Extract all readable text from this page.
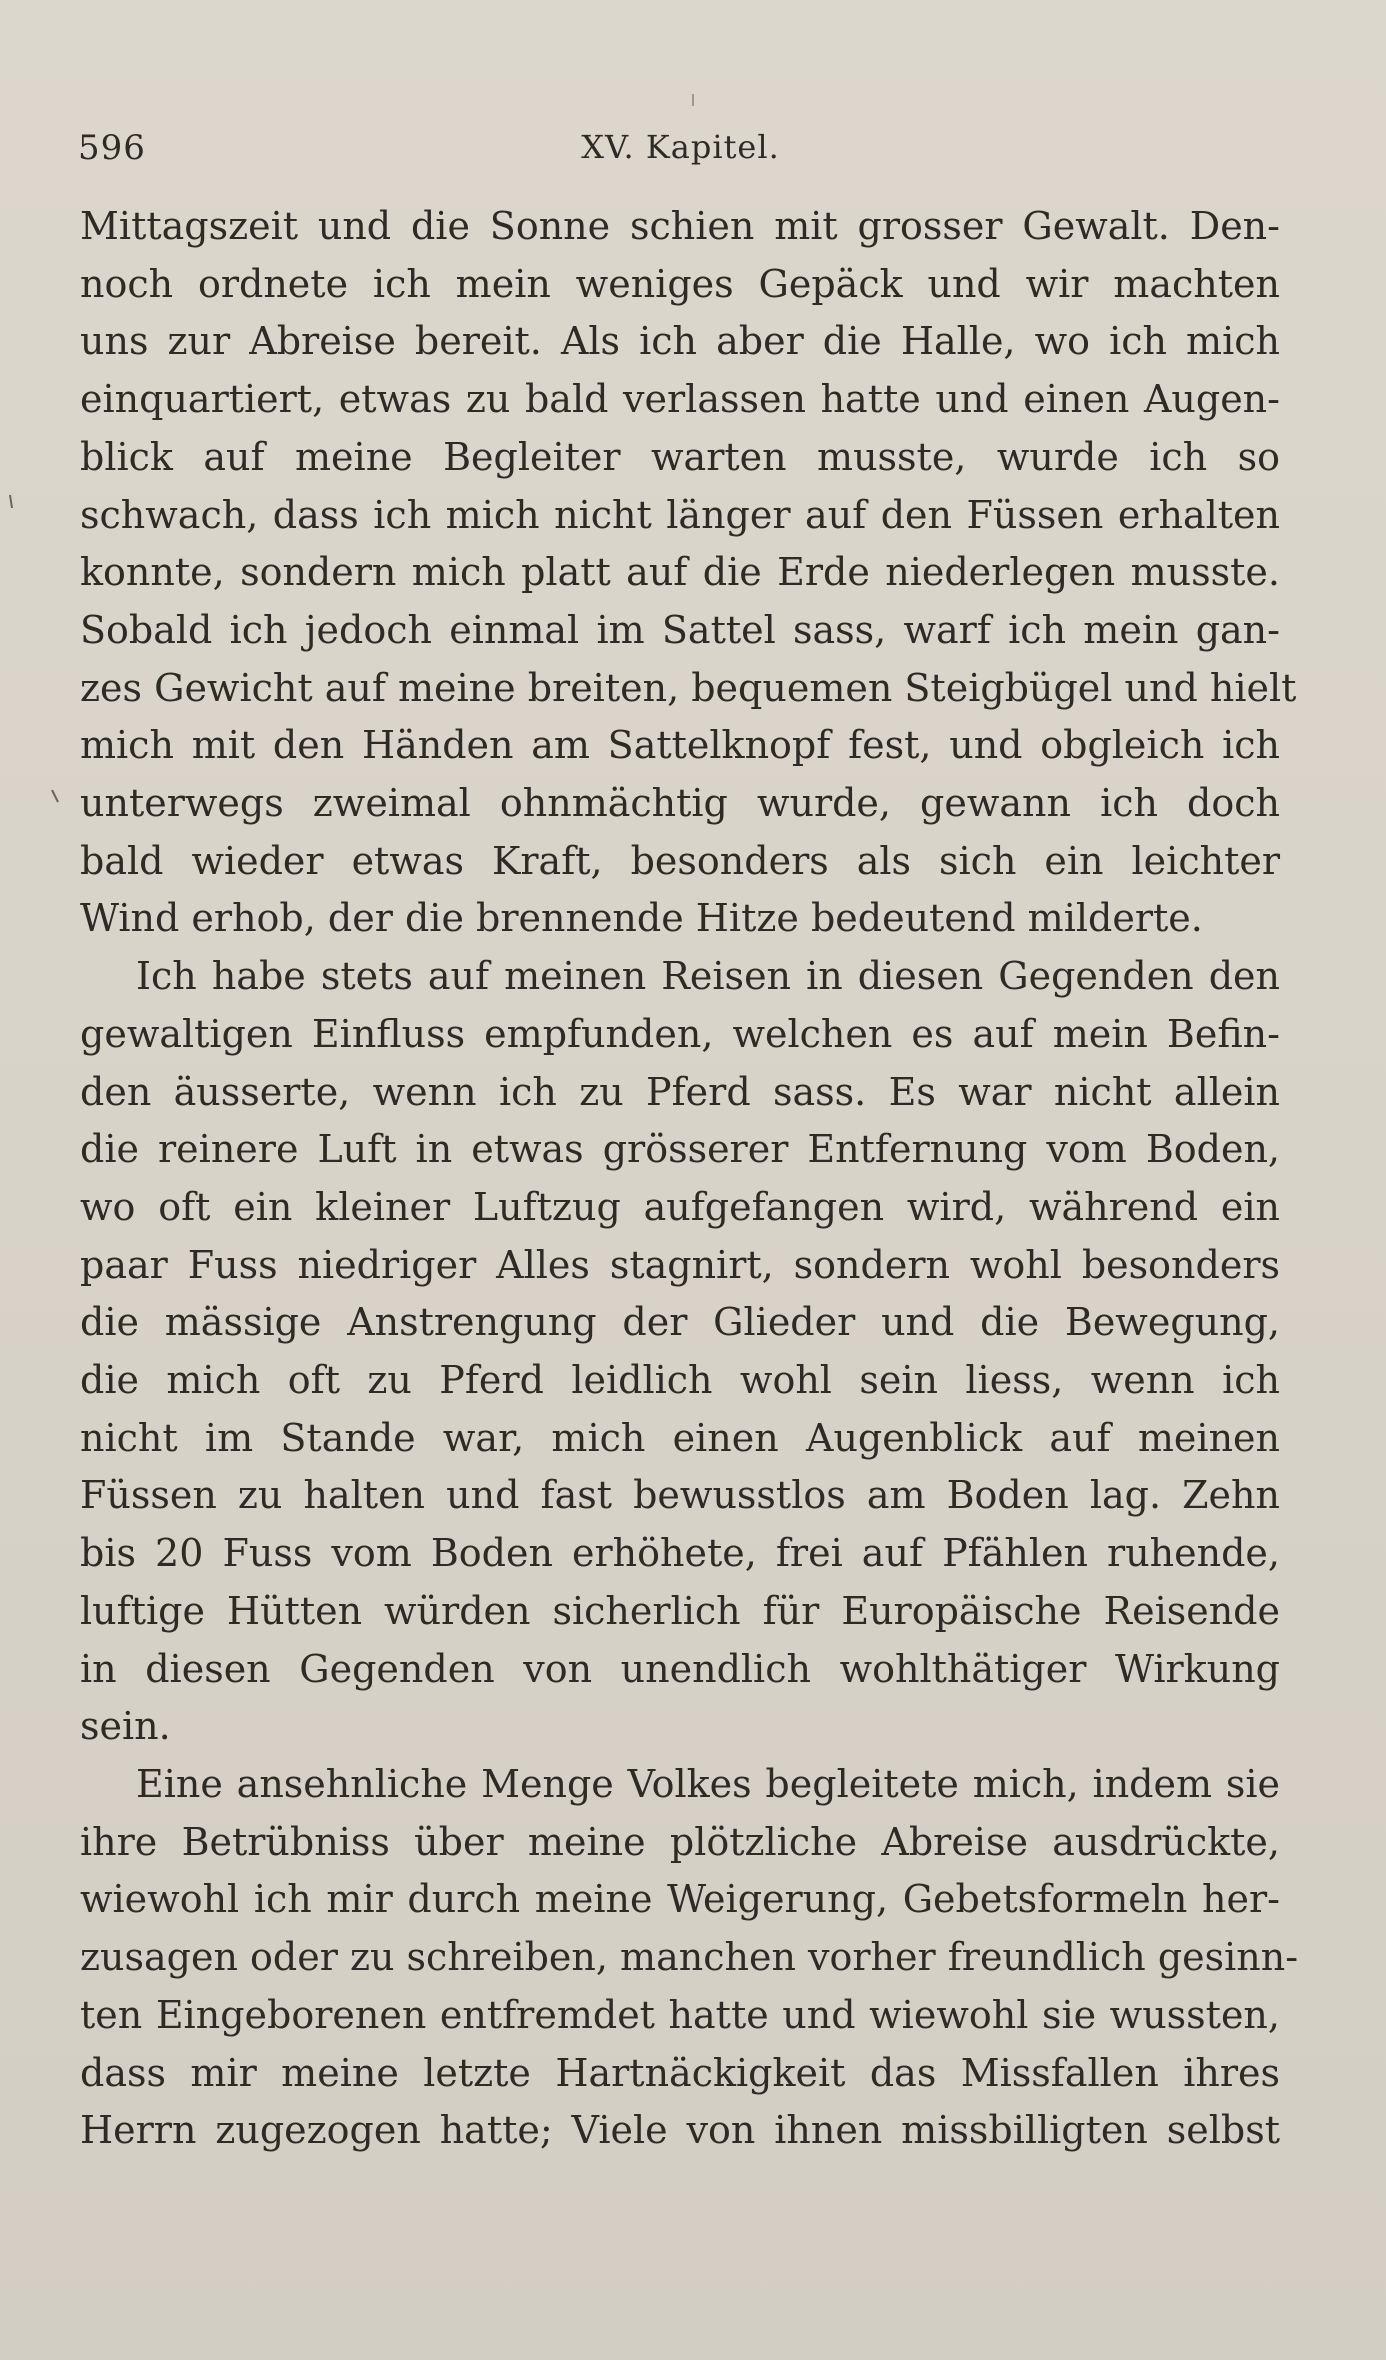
596	XV. Kapitel.

Mittagszeit und die Sonne schien mit grosser Gewalt. Den-
noch ordnete ich mein weniges Gepäck und wir machten
uns zur Abreise bereit. Als ich aber die Halle, wo ich mich
einquartiert, etwas zu bald verlassen hatte und einen Augen-
blick auf meine Begleiter warten musste, wurde ich so
schwach, dass ich mich nicht länger auf den Füssen erhalten
konnte, sondern mich platt auf die Erde niederlegen musste.
Sobald ich jedoch einmal im Sattel sass, warf ich mein gan-
zes Gewicht auf meine breiten, bequemen Steigbügel und hielt
mich mit den Händen am Sattelknopf fest, und obgleich ich
unterwegs zweimal ohnmächtig wurde, gewann ich doch
bald wieder etwas Kraft, besonders als sich ein leichter
Wind erhob, der die brennende Hitze bedeutend milderte.

Ich habe stets auf meinen Reisen in diesen Gegenden den
gewaltigen Einfluss empfunden, welchen es auf mein Befin-
den äusserte, wenn ich zu Pferd sass. Es war nicht allein
die reinere Luft in etwas grösserer Entfernung vom Boden,
wo oft ein kleiner Luftzug aufgefangen wird, während ein
paar Fuss niedriger Alles stagnirt, sondern wohl besonders
die mässige Anstrengung der Glieder und die Bewegung,
die mich oft zu Pferd leidlich wohl sein liess, wenn ich
nicht im Stande war, mich einen Augenblick auf meinen
Füssen zu halten und fast bewusstlos am Boden lag. Zehn
bis 20 Fuss vom Boden erhöhete, frei auf Pfählen ruhende,
luftige Hütten würden sicherlich für Europäische Reisende
in diesen Gegenden von unendlich wohlthätiger Wirkung
sein.

Eine ansehnliche Menge Volkes begleitete mich, indem sie
ihre Betrübniss über meine plötzliche Abreise ausdrückte,
wiewohl ich mir durch meine Weigerung, Gebetsformeln her-
zusagen oder zu schreiben, manchen vorher freundlich gesinn-
ten Eingeborenen entfremdet hatte und wiewohl sie wussten,
dass mir meine letzte Hartnäckigkeit das Missfallen ihres
Herrn zugezogen hatte; Viele von ihnen missbilligten selbst
